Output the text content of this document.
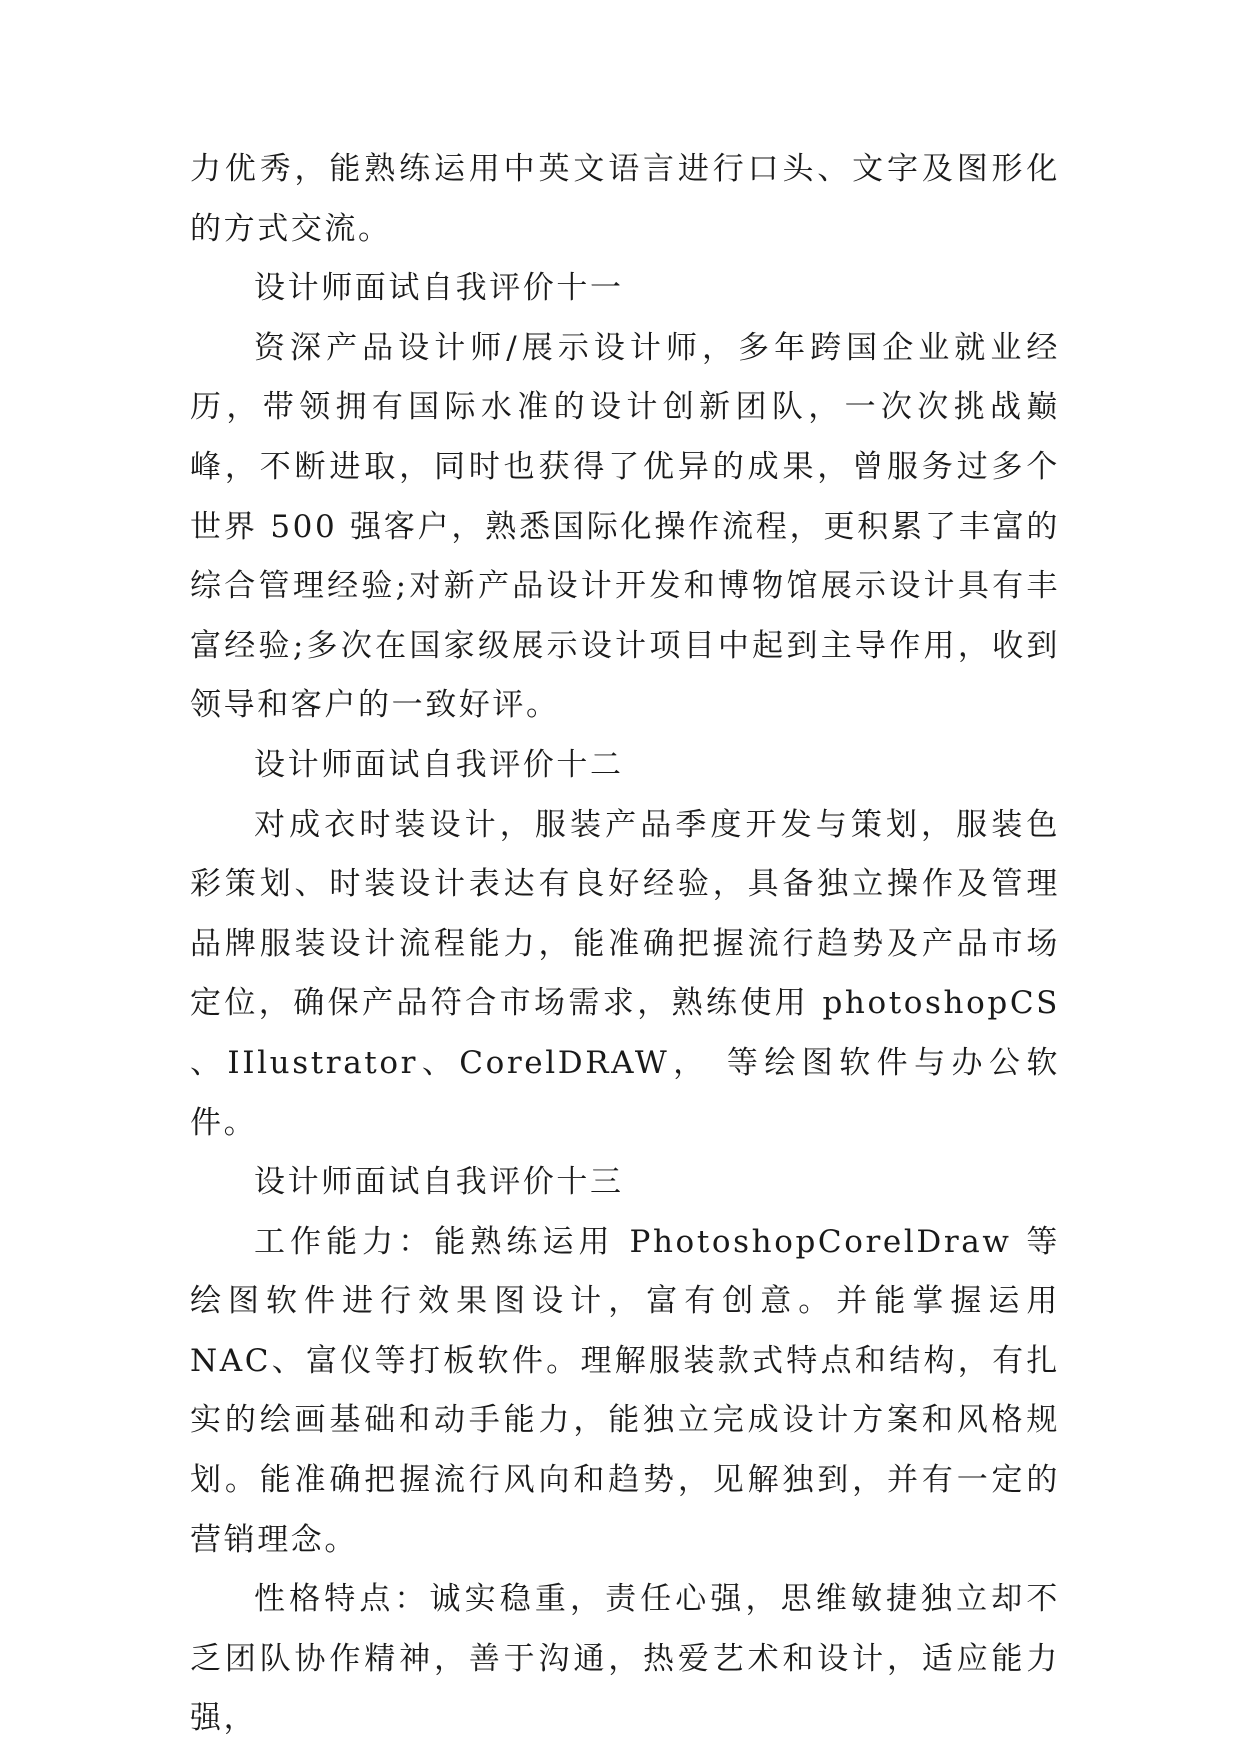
力优秀，能熟练运用中英文语言进行口头、文字及图形化的方式交流。

设计师面试自我评价十一

资深产品设计师/展示设计师，多年跨国企业就业经历，带领拥有国际水准的设计创新团队，一次次挑战巅峰，不断进取，同时也获得了优异的成果，曾服务过多个世界 500 强客户，熟悉国际化操作流程，更积累了丰富的综合管理经验;对新产品设计开发和博物馆展示设计具有丰富经验;多次在国家级展示设计项目中起到主导作用，收到领导和客户的一致好评。

设计师面试自我评价十二

对成衣时装设计，服装产品季度开发与策划，服装色彩策划、时装设计表达有良好经验，具备独立操作及管理品牌服装设计流程能力，能准确把握流行趋势及产品市场定位，确保产品符合市场需求，熟练使用 photoshopCS 、IIlustrator、CorelDRAW， 等绘图软件与办公软件。

设计师面试自我评价十三

工作能力：能熟练运用 PhotoshopCorelDraw 等绘图软件进行效果图设计，富有创意。并能掌握运用 NAC、富仪等打板软件。理解服装款式特点和结构，有扎实的绘画基础和动手能力，能独立完成设计方案和风格规划。能准确把握流行风向和趋势，见解独到，并有一定的营销理念。

性格特点：诚实稳重，责任心强，思维敏捷独立却不乏团队协作精神，善于沟通，热爱艺术和设计，适应能力强，
